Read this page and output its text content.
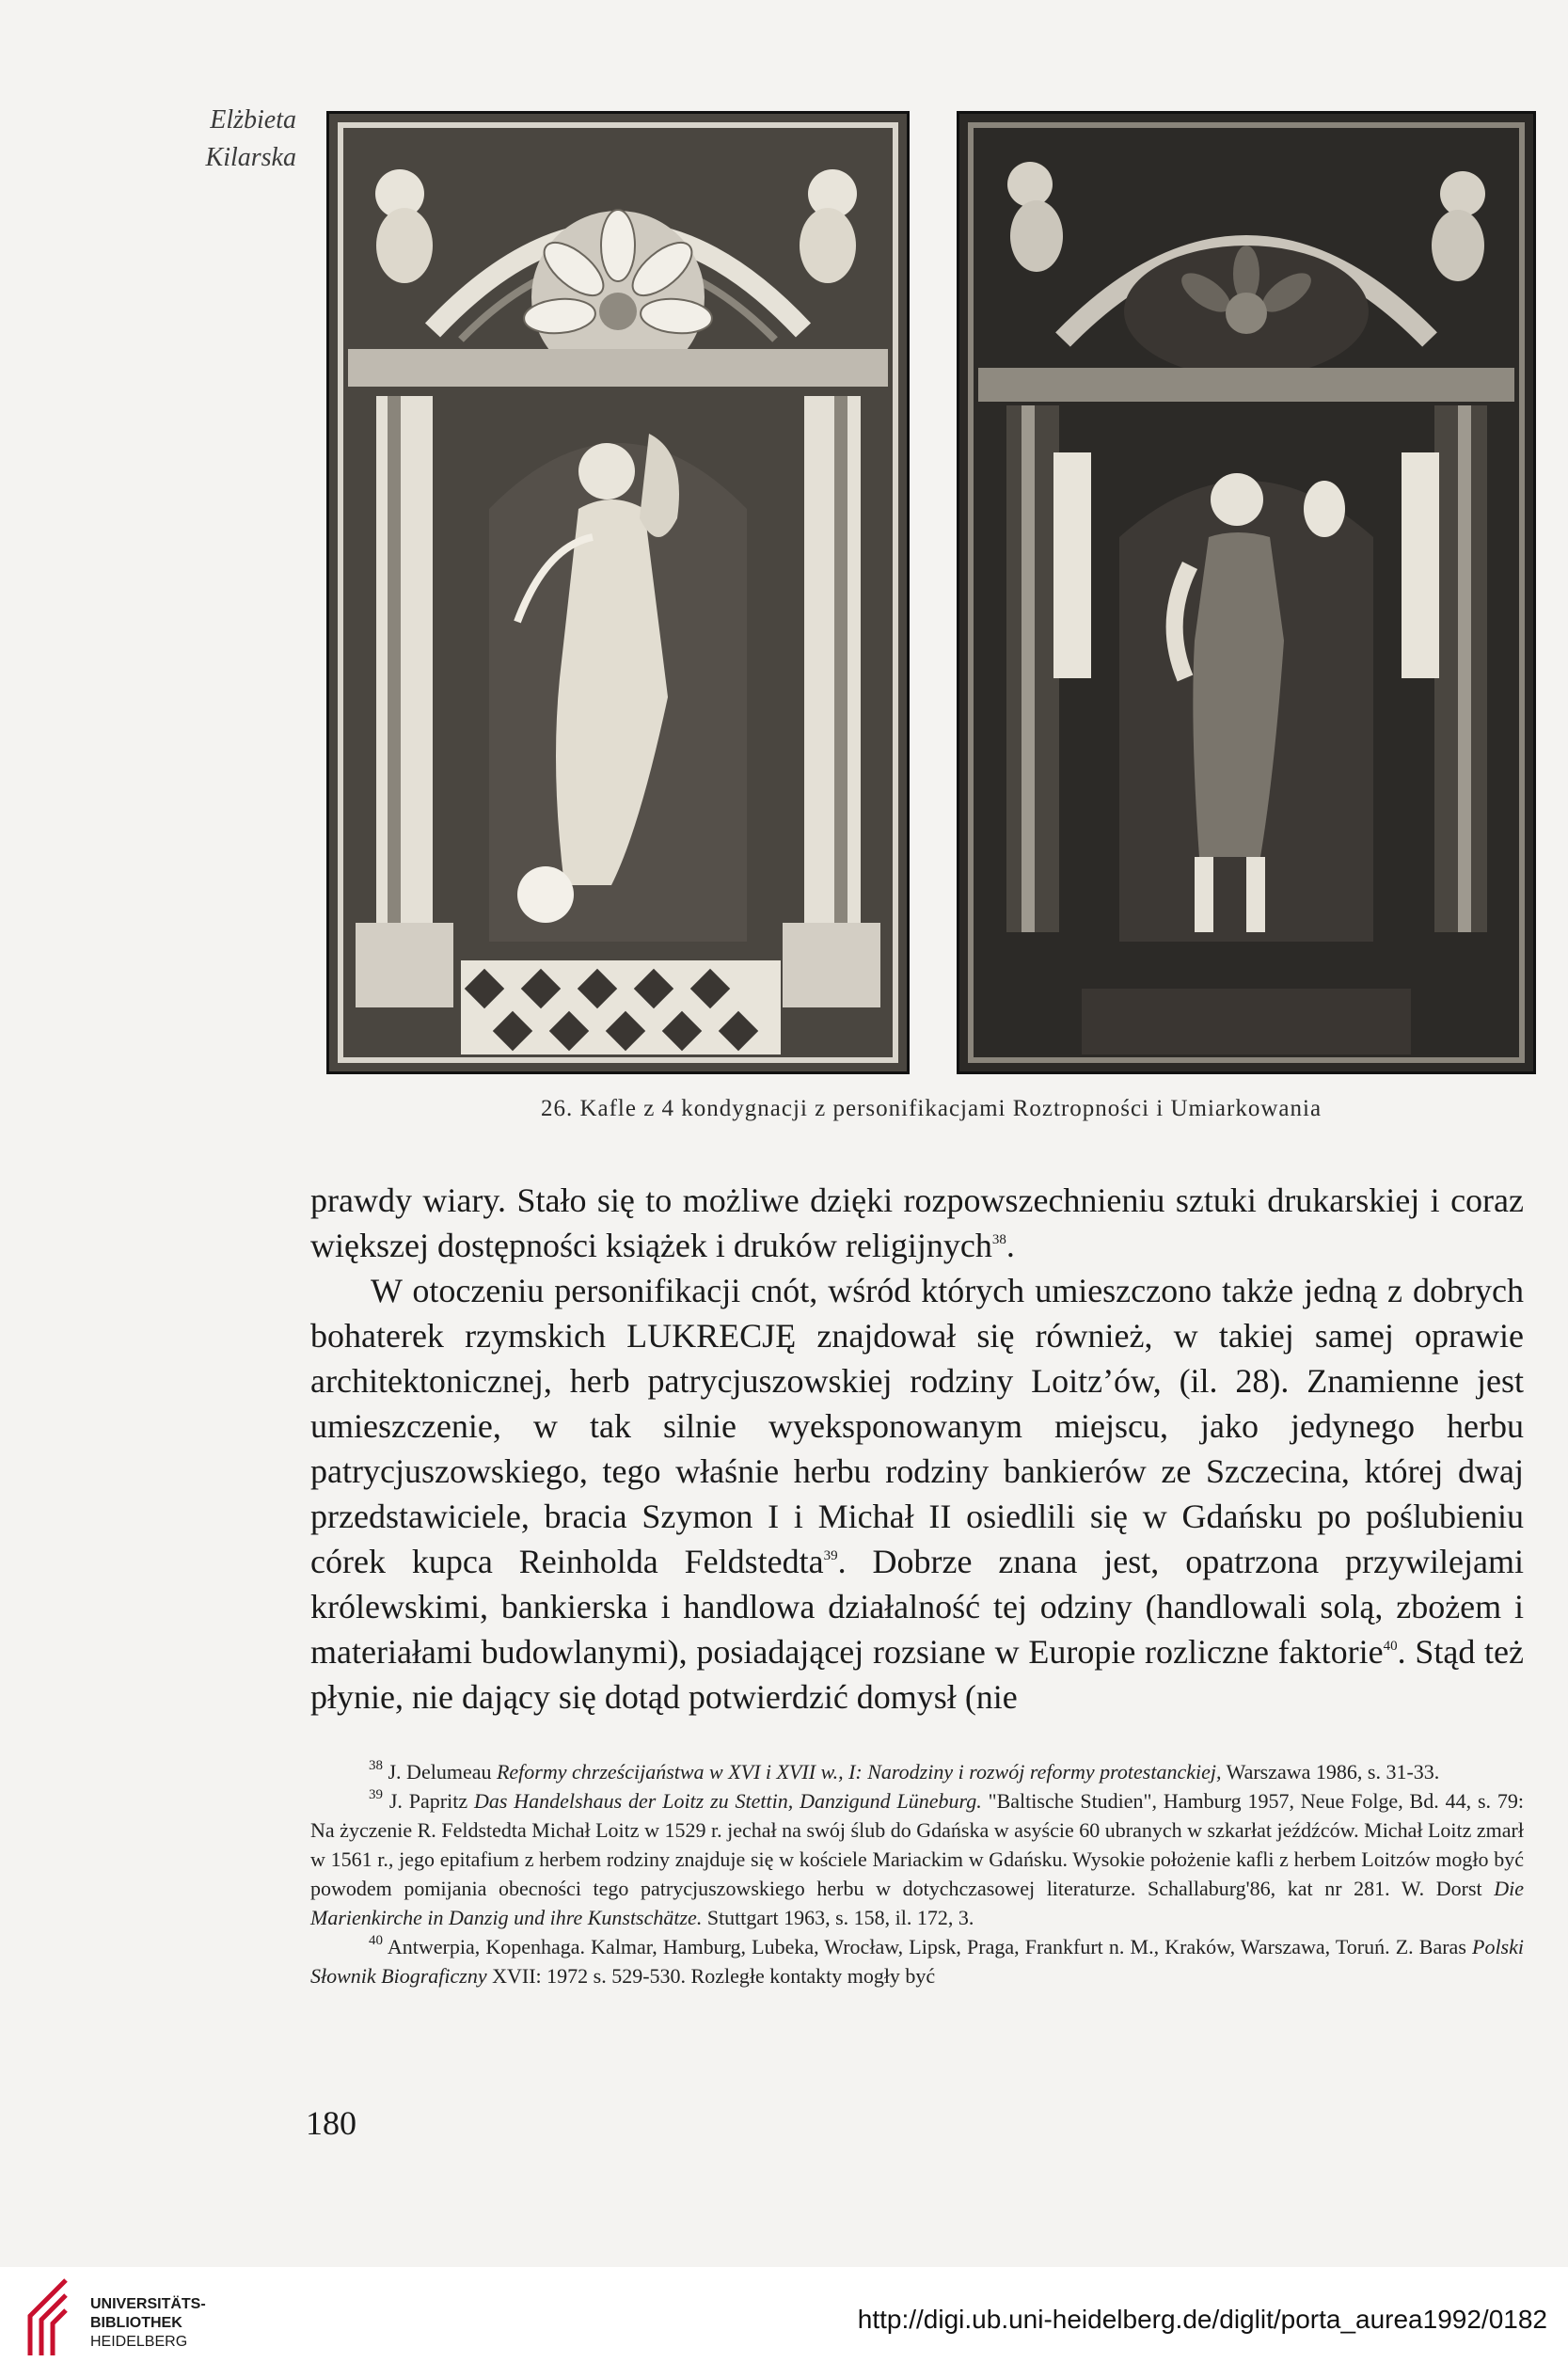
Elżbieta
Kilarska
26. Kafle z 4 kondygnacji z personifikacjami Roztropności i Umiarkowania

prawdy wiary. Stało się to możliwe dzięki rozpowszechnieniu sztuki drukarskiej i coraz większej dostępności książek i druków religijnych$^{38}$.

W otoczeniu personifikacji cnót, wśród których umieszczono także jedną z dobrych bohaterek rzymskich LUKRECJĘ znajdował się również, w takiej samej oprawie architektonicznej, herb patrycjuszowskiej rodziny Loitz’ów, (il. 28). Znamienne jest umieszczenie, w tak silnie wyeksponowanym miejscu, jako jedynego herbu patrycjuszowskiego, tego właśnie herbu rodziny bankierów ze Szczecina, której dwaj przedstawiciele, bracia Szymon I i Michał II osiedlili się w Gdańsku po poślubieniu córek kupca Reinholda Feldstedta$^{39}$. Dobrze znana jest, opatrzona przywilejami królewskimi, bankierska i handlowa działalność tej odziny (handlowali solą, zbożem i materiałami budowlanymi), posiadającej rozsiane w Europie rozliczne faktorie$^{40}$. Stąd też płynie, nie dający się dotąd potwierdzić domysł (nie

$^{38}$ J. Delumeau Reformy chrześcijaństwa w XVI i XVII w., I: Narodziny i rozwój reformy protestanckiej, Warszawa 1986, s. 31-33.

$^{39}$ J. Papritz Das Handelshaus der Loitz zu Stettin, Danzigund Lüneburg. "Baltische Studien", Hamburg 1957, Neue Folge, Bd. 44, s. 79: Na życzenie R. Feldstedta Michał Loitz w 1529 r. jechał na swój ślub do Gdańska w asyście 60 ubranych w szkarłat jeźdźców. Michał Loitz zmarł w 1561 r., jego epitafium z herbem rodziny znajduje się w kościele Mariackim w Gdańsku. Wysokie położenie kafli z herbem Loitzów mogło być powodem pomijania obecności tego patrycjuszowskiego herbu w dotychczasowej literaturze. Schallaburg'86, kat nr 281. W. Dorst Die Marienkirche in Danzig und ihre Kunstschätze. Stuttgart 1963, s. 158, il. 172, 3.

$^{40}$ Antwerpia, Kopenhaga. Kalmar, Hamburg, Lubeka, Wrocław, Lipsk, Praga, Frankfurt n. M., Kraków, Warszawa, Toruń. Z. Baras Polski Słownik Biograficzny XVII: 1972 s. 529-530. Rozległe kontakty mogły być

180
UNIVERSITÄTS-
BIBLIOTHEK
HEIDELBERG
http://digi.ub.uni-heidelberg.de/diglit/porta_aurea1992/0182
